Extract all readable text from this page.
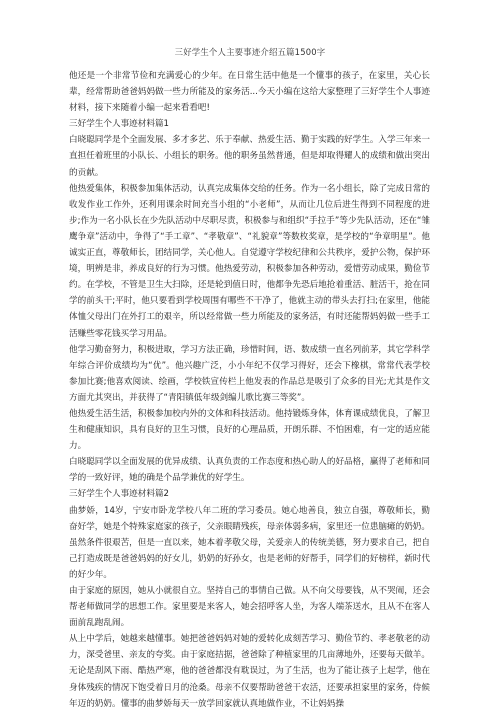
三好学生个人主要事迹介绍五篇1500字

他还是一个非常节俭和充满爱心的少年。在日常生活中他是一个懂事的孩子，在家里，关心长辈，经常帮助爸爸妈妈做一些力所能及的家务活...今天小编在这给大家整理了三好学生个人事迹材料，接下来随着小编一起来看看吧!

三好学生个人事迹材料篇1

白晓聪同学是个全面发展、多才多艺、乐于奉献、热爱生活、勤于实践的好学生。入学三年来一直担任着班里的小队长、小组长的职务。他的职务虽然普通，但是却取得耀人的成绩和做出突出的贡献。

他热爱集体，积极参加集体活动，认真完成集体交给的任务。作为一名小组长，除了完成日常的收发作业工作外，还利用课余时间充当小组的“小老师”，从而让几位后进生得到不同程度的进步;作为一名小队长在少先队活动中尽职尽责，积极参与和组织“手拉手”等少先队活动，还在“雏鹰争章”活动中，争得了“手工章”、“孝敬章”、“礼貌章”等数枚奖章，是学校的“争章明星”。他诚实正直，尊敬师长，团结同学，关心他人。自觉遵守学校纪律和公共秩序，爱护公物，保护环境，明辨是非，养成良好的行为习惯。他热爱劳动，积极参加各种劳动，爱惜劳动成果，勤俭节约。在学校，不管是卫生大扫除，还是轮到值日时，他都争先恐后地抢着重活、脏活干，抢在同学的前头干;平时，他只要看到学校周围有哪些不干净了，他就主动的带头去打扫;在家里，他能体恤父母出门在外打工的艰辛，所以经常做一些力所能及的家务活，有时还能帮妈妈做一些手工活赚些零花钱买学习用品。

他学习勤奋努力，积极进取，学习方法正确，珍惜时间，语、数成绩一直名列前茅，其它学科学年综合评价成绩均为“优”。他兴趣广泛，小小年纪不仅学习得好，还会下橡棋，常常代表学校参加比赛;他喜欢阅读、绘画，学校铁宣传栏上他发表的作品总是吸引了众多的目光;尤其是作文方面尤其突出，并获得了“青阳镇低年级剑编儿歌比赛三等奖”。

他热爱生活生活，积极参加校内外的文体和科技活动。他持锻炼身体，体育课成绩优良，了解卫生和健康知识，具有良好的卫生习惯，良好的心理品质，开朗乐群、不怕困难，有一定的适应能力。

白晓聪同学以全面发展的优异成绩、认真负责的工作态度和热心助人的好品格，赢得了老师和同学的一致好评，她的确是个品学兼优的好学生。

三好学生个人事迹材料篇2

曲梦娇，14岁，宁安市卧龙学校八年二班的学习委员。她心地善良，独立自强，尊敬师长，勤奋好学，她是个特殊家庭家的孩子，父亲眼睛残疾，母亲体弱多病，家里还一位患脑瘫的奶奶。虽然条件很艰苦，但是一直以来，她本着孝敬父母，关爱亲人的传统美德，努力要求自己，把自己打造成既是爸爸妈妈的好女儿，奶奶的好孙女，也是老师的好帮手，同学们的好榜样，新时代的好少年。

由于家庭的原因，她从小就很自立。坚持自己的事情自己做。从不向父母要钱，从不哭闹，还会帮老师做同学的思想工作。家里要是来客人，她会招呼客人坐，为客人端茶送水，且从不在客人面前乱跑乱闹。

从上中学后，她越来越懂事。她把爸爸妈妈对她的爱转化成刻苦学习、勤俭节约、孝老敬老的动力，深受爸里、亲友的夸奖。由于家庭拮据，爸爸除了种植家里的几亩薄地外，还要每天做羊。无论是刮风下雨、酷热严寒，他的爸爸都没有耽误过，为了生活，也为了能让孩子上起学，他在身体残疾的情况下饱受着日月的沧桑。母亲不仅要帮助爸爸干农活，还要承担家里的家务，侍候年迈的奶奶。懂事的曲梦娇每天一放学回家就认真地做作业，不让妈妈操
